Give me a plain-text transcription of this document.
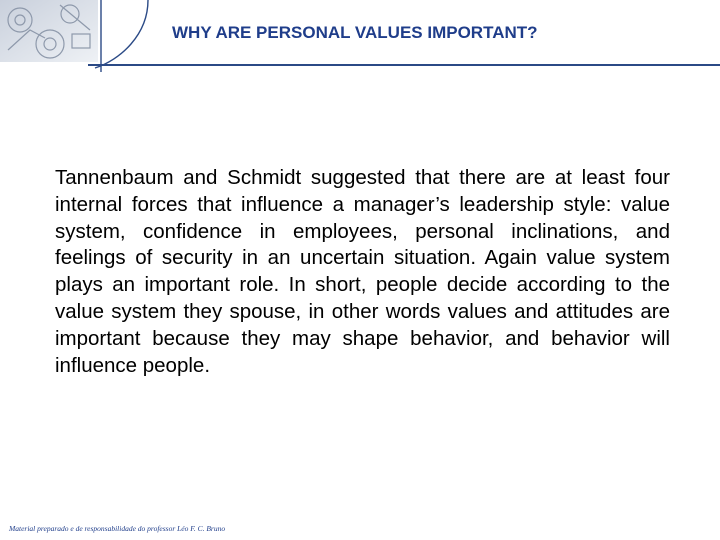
WHY ARE PERSONAL VALUES IMPORTANT?

Tannenbaum and Schmidt suggested that there are at least four internal forces that influence a manager’s leadership style: value system, confidence in employees, personal inclinations, and feelings of security in an uncertain situation. Again value system plays an important role. In short, people decide according to the value system they spouse, in other words values and attitudes are important because they may shape behavior, and behavior will influence people.

Material preparado e de responsabilidade do professor Léo F. C. Bruno
